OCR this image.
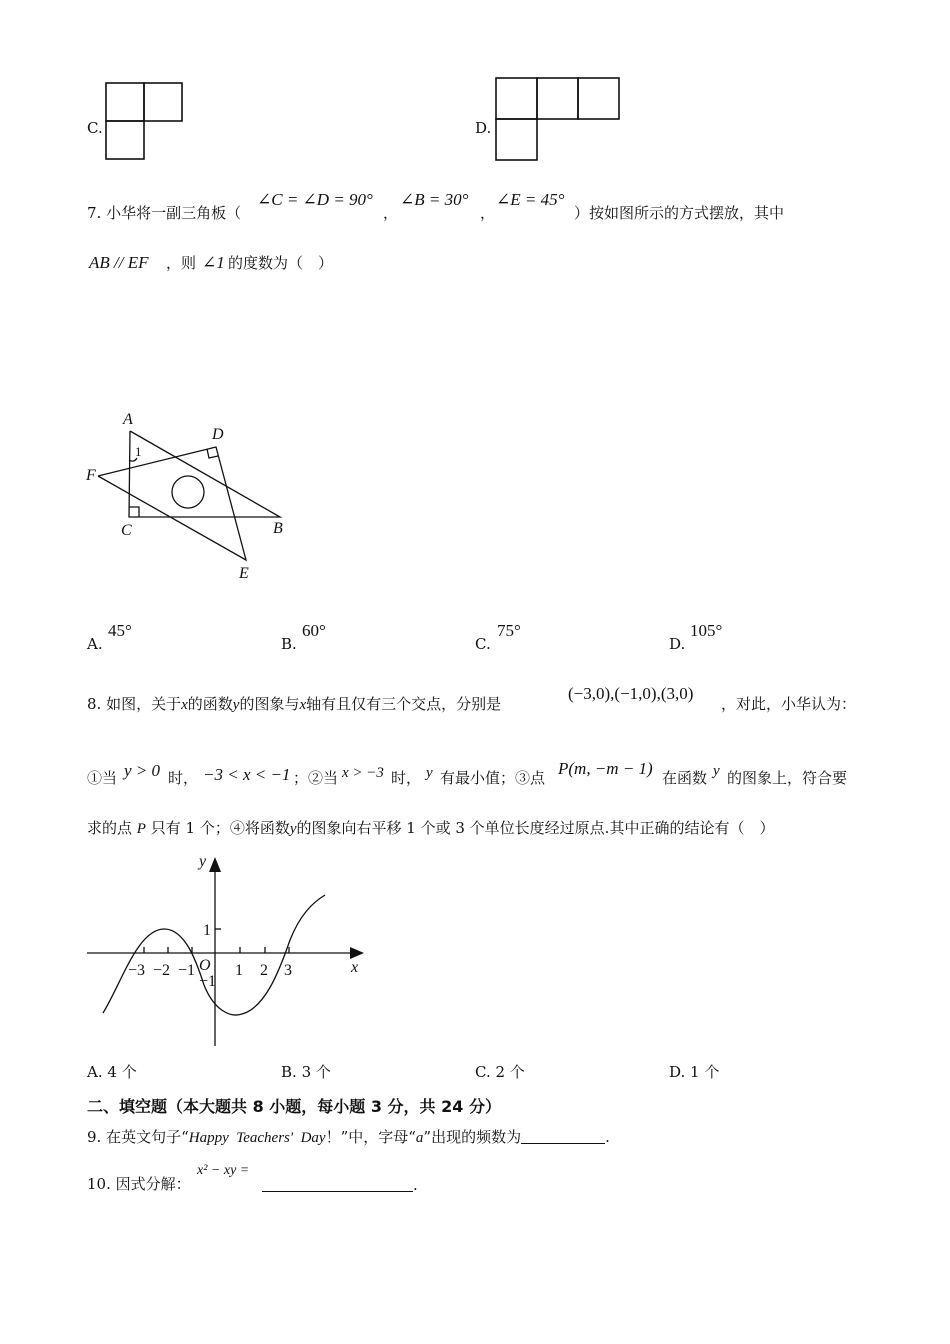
C.	D.
7. 小华将一副三角板（
∠C = ∠D = 90°
，
∠B = 30°
，
∠E = 45°
）按如图所示的方式摆放，其中
AB // EF ，则 ∠1 的度数为（　）
A
D
F
C	B
E
1
A.
45°
B.
60°
C.
75°
D.
105°
8. 如图，关于x的函数y的图象与x轴有且仅有三个交点，分别是
(−3,0),(−1,0),(3,0)
，对此，小华认为：
①当 y > 0 时， −3 < x < −1 ；②当 x > −3 时， y 有最小值；③点 P(m, −m − 1) 在函数 y 的图象上，符合要
求的点 P 只有 1 个；④将函数y的图象向右平移 1 个或 3 个单位长度经过原点.其中正确的结论有（　）
y
x
O
−3 −2 −1 1 2 3
1
−1
A. 4 个	B. 3 个	C. 2 个	D. 1 个
二、填空题（本大题共 8 小题，每小题 3 分，共 24 分）
9. 在英文句子“Happy  Teachers'  Day！”中，字母“a”出现的频数为	.
10. 因式分解：
x² − xy =
.
